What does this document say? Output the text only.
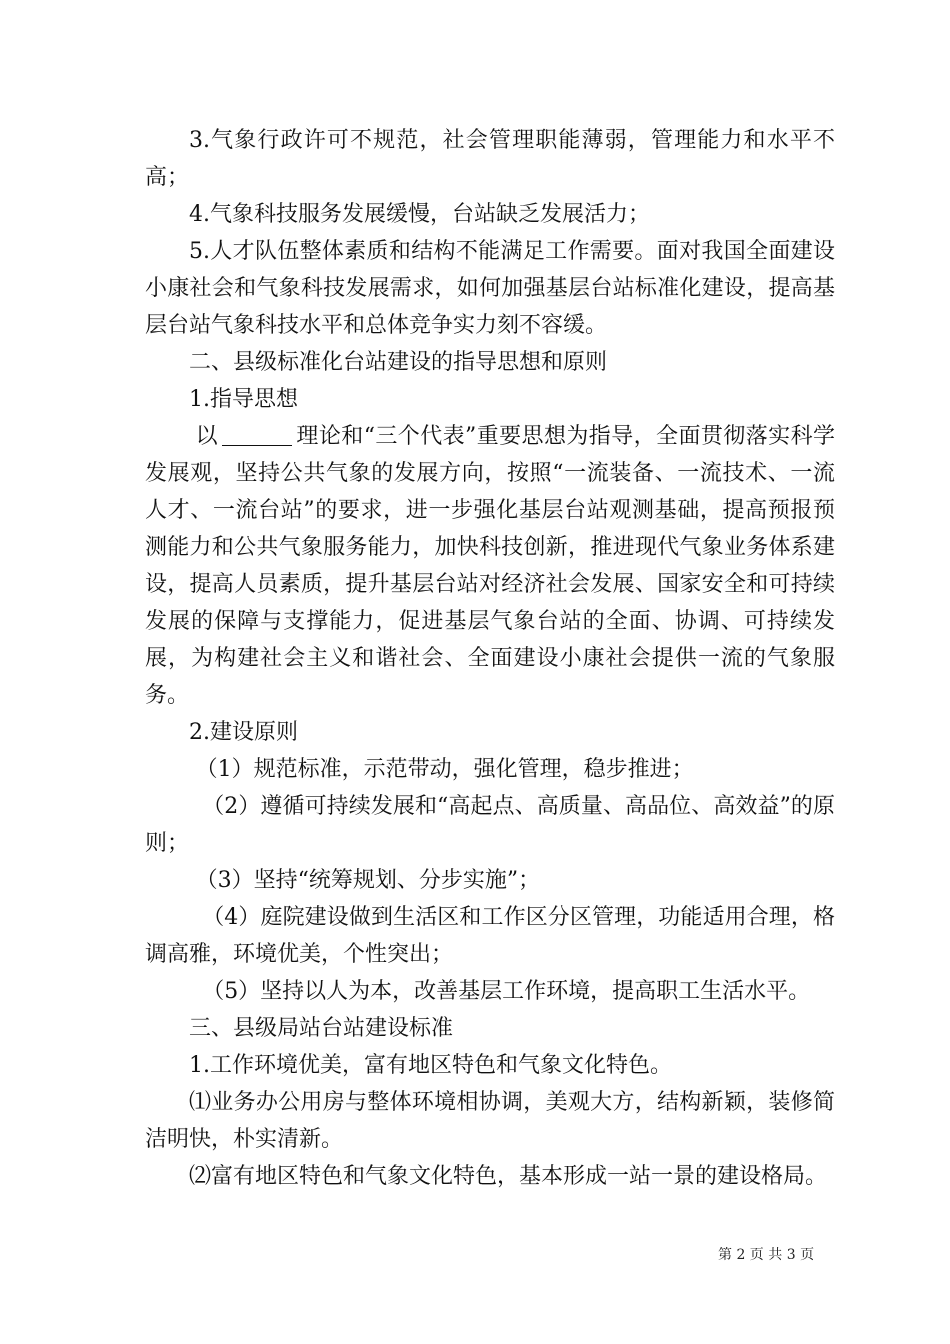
3.气象行政许可不规范，社会管理职能薄弱，管理能力和水平不高；

4.气象科技服务发展缓慢，台站缺乏发展活力；

5.人才队伍整体素质和结构不能满足工作需要。面对我国全面建设小康社会和气象科技发展需求，如何加强基层台站标准化建设，提高基层台站气象科技水平和总体竞争实力刻不容缓。

二、县级标准化台站建设的指导思想和原则

1.指导思想

以	理论和“三个代表”重要思想为指导，全面贯彻落实科学发展观，坚持公共气象的发展方向，按照“一流装备、一流技术、一流人才、一流台站”的要求，进一步强化基层台站观测基础，提高预报预测能力和公共气象服务能力，加快科技创新，推进现代气象业务体系建设，提高人员素质，提升基层台站对经济社会发展、国家安全和可持续发展的保障与支撑能力，促进基层气象台站的全面、协调、可持续发展，为构建社会主义和谐社会、全面建设小康社会提供一流的气象服务。

2.建设原则

（1）规范标准，示范带动，强化管理，稳步推进；

（2）遵循可持续发展和“高起点、高质量、高品位、高效益”的原则；

（3）坚持“统筹规划、分步实施”；

（4）庭院建设做到生活区和工作区分区管理，功能适用合理，格调高雅，环境优美，个性突出；

（5）坚持以人为本，改善基层工作环境，提高职工生活水平。

三、县级局站台站建设标准

1.工作环境优美，富有地区特色和气象文化特色。

⑴业务办公用房与整体环境相协调，美观大方，结构新颖，装修简洁明快，朴实清新。

⑵富有地区特色和气象文化特色，基本形成一站一景的建设格局。

第 2 页 共 3 页
